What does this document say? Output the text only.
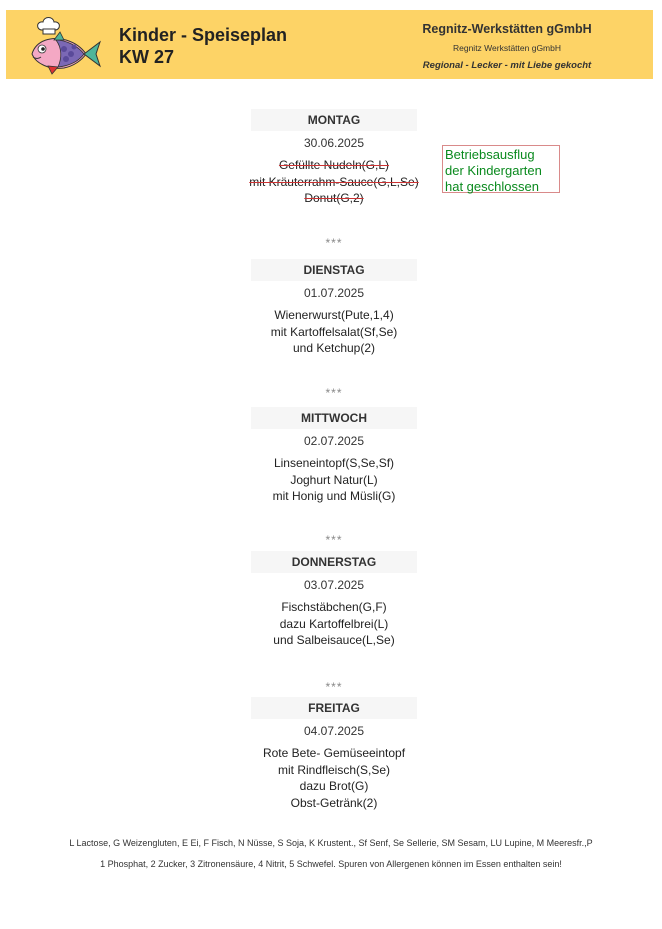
Kinder - Speiseplan
KW 27
Regnitz-Werkstätten gGmbH
Regnitz Werkstätten gGmbH
Regional - Lecker - mit Liebe gekocht
MONTAG
30.06.2025
Gefüllte Nudeln(G,L)
mit Kräuterrahm-Sauce(G,L,Se)
Donut(G,2)
Betriebsausflug
der Kindergarten
hat geschlossen
***
DIENSTAG
01.07.2025
Wienerwurst(Pute,1,4)
mit Kartoffelsalat(Sf,Se)
und Ketchup(2)
***
MITTWOCH
02.07.2025
Linseneintopf(S,Se,Sf)
Joghurt Natur(L)
mit Honig und Müsli(G)
***
DONNERSTAG
03.07.2025
Fischstäbchen(G,F)
dazu Kartoffelbrei(L)
und Salbeisauce(L,Se)
***
FREITAG
04.07.2025
Rote Bete- Gemüseeintopf
mit Rindfleisch(S,Se)
dazu Brot(G)
Obst-Getränk(2)
L Lactose, G Weizengluten, E Ei, F Fisch, N Nüsse, S Soja, K Krustent., Sf Senf, Se Sellerie, SM Sesam, LU Lupine, M Meeresfr.,P
1 Phosphat, 2 Zucker, 3 Zitronensäure, 4 Nitrit, 5 Schwefel. Spuren von Allergenen können im Essen enthalten sein!
